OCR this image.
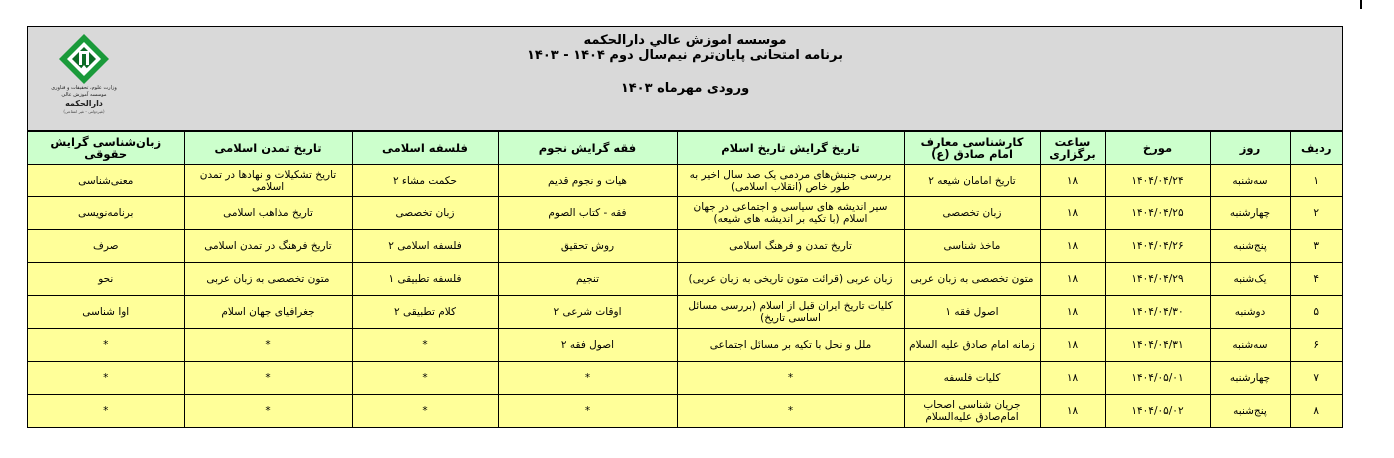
موسسه اموزش عالي دارالحکمه
برنامه امتحانی پایان‌ترم نیم‌سال دوم ۱۴۰۴ - ۱۴۰۳
ورودی مهرماه ۱۴۰۳
وزارت علوم، تحقیقات و فناوری
موسسه آموزش عالی
دارالحکمه
(غیردولتی - غیر انتفاعی)
ردیف	روز	مورخ	ساعت برگزاری	کارشناسی معارف امام صادق (ع)	تاریخ گرایش تاریخ اسلام	فقه گرایش نجوم	فلسفه اسلامی	تاریخ تمدن اسلامی	زبان‌شناسی گرایش حقوقی
۱	سه‌شنبه	۱۴۰۴/۰۴/۲۴	۱۸	تاریخ امامان شیعه ۲	بررسی جنبش‌های مردمی یک صد سال اخیر به طور خاص (انقلاب اسلامی)	هیات و نجوم قدیم	حکمت مشاء ۲	تاریخ تشکیلات و نهادها در تمدن اسلامی	معنی‌شناسی
۲	چهارشنبه	۱۴۰۴/۰۴/۲۵	۱۸	زبان تخصصی	سیر اندیشه های سیاسی و اجتماعی در جهان اسلام (با تکیه بر اندیشه های شیعه)	فقه - کتاب الصوم	زبان تخصصی	تاریخ مذاهب اسلامی	برنامه‌نویسی
۳	پنج‌شنبه	۱۴۰۴/۰۴/۲۶	۱۸	ماخذ شناسی	تاریخ تمدن و فرهنگ اسلامی	روش تحقیق	فلسفه اسلامی ۲	تاریخ فرهنگ در تمدن اسلامی	صرف
۴	یک‌شنبه	۱۴۰۴/۰۴/۲۹	۱۸	متون تخصصی به زبان عربی	زبان عربی (قرائت متون تاریخی به زبان عربی)	تنجیم	فلسفه تطبیقی ۱	متون تخصصی به زبان عربی	نحو
۵	دوشنبه	۱۴۰۴/۰۴/۳۰	۱۸	اصول فقه ۱	کلیات تاریخ ایران قبل از اسلام (بررسی مسائل اساسی تاریخ)	اوقات شرعی ۲	کلام تطبیقی ۲	جغرافیای جهان اسلام	اوا شناسی
۶	سه‌شنبه	۱۴۰۴/۰۴/۳۱	۱۸	زمانه امام صادق علیه السلام	ملل و نحل با تکیه بر مسائل اجتماعی	اصول فقه ۲	*	*	*
۷	چهارشنبه	۱۴۰۴/۰۵/۰۱	۱۸	کلیات فلسفه	*	*	*	*	*
۸	پنج‌شنبه	۱۴۰۴/۰۵/۰۲	۱۸	جریان شناسی اصحاب امام‌صادق علیه‌السلام	*	*	*	*	*
